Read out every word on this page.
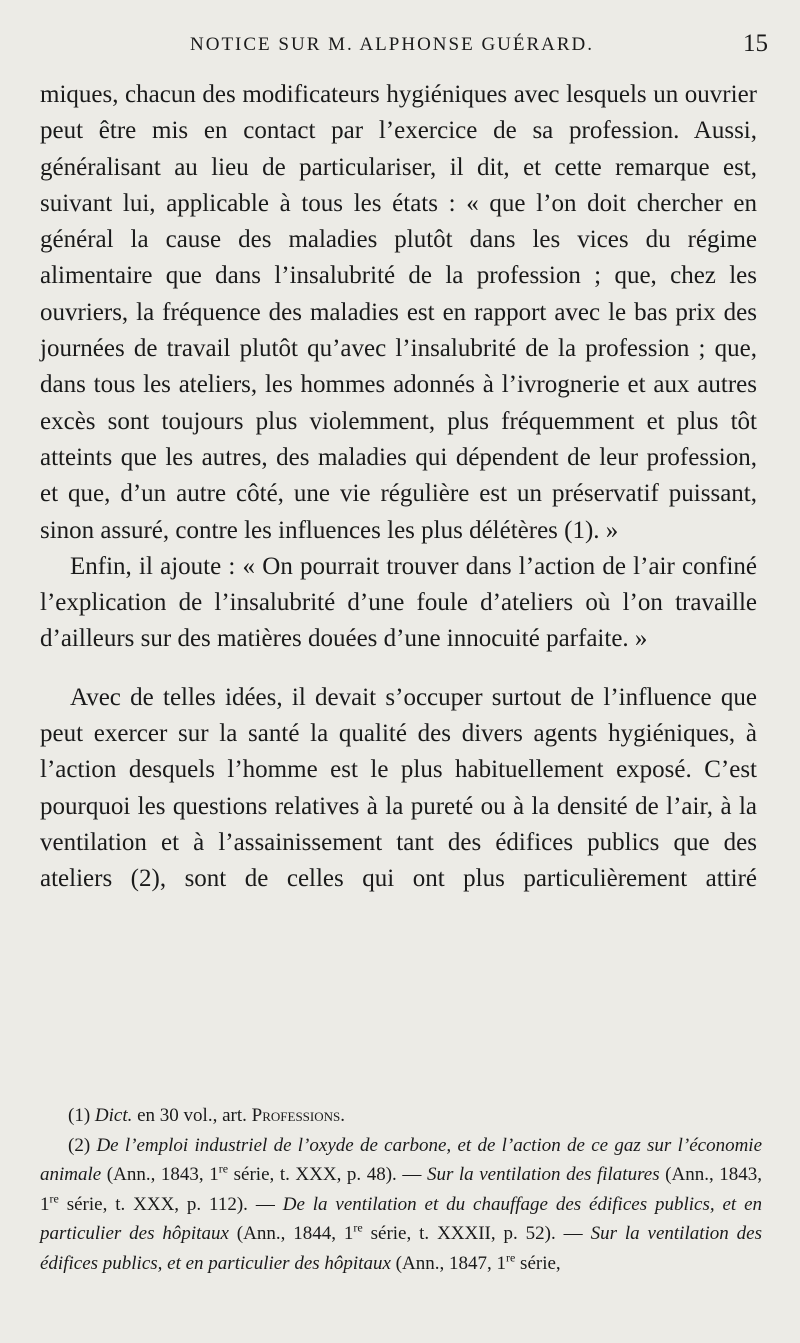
NOTICE SUR M. ALPHONSE GUÉRARD.	15

miques, chacun des modificateurs hygiéniques avec lesquels un ouvrier peut être mis en contact par l’exercice de sa profession. Aussi, généralisant au lieu de particulariser, il dit, et cette remarque est, suivant lui, applicable à tous les états : « que l’on doit chercher en général la cause des maladies plutôt dans les vices du régime alimentaire que dans l’insalubrité de la profession ; que, chez les ouvriers, la fréquence des maladies est en rapport avec le bas prix des journées de travail plutôt qu’avec l’insalubrité de la profession ; que, dans tous les ateliers, les hommes adonnés à l’ivrognerie et aux autres excès sont toujours plus violemment, plus fréquemment et plus tôt atteints que les autres, des maladies qui dépendent de leur profession, et que, d’un autre côté, une vie régulière est un préservatif puissant, sinon assuré, contre les influences les plus délétères (1). »

Enfin, il ajoute : « On pourrait trouver dans l’action de l’air confiné l’explication de l’insalubrité d’une foule d’ateliers où l’on travaille d’ailleurs sur des matières douées d’une innocuité parfaite. »

Avec de telles idées, il devait s’occuper surtout de l’influence que peut exercer sur la santé la qualité des divers agents hygiéniques, à l’action desquels l’homme est le plus habituellement exposé. C’est pourquoi les questions relatives à la pureté ou à la densité de l’air, à la ventilation et à l’assainissement tant des édifices publics que des ateliers (2), sont de celles qui ont plus particulièrement attiré

(1) Dict. en 30 vol., art. Professions.

(2) De l’emploi industriel de l’oxyde de carbone, et de l’action de ce gaz sur l’économie animale (Ann., 1843, 1re série, t. XXX, p. 48). — Sur la ventilation des filatures (Ann., 1843, 1re série, t. XXX, p. 112). — De la ventilation et du chauffage des édifices publics, et en particulier des hôpitaux (Ann., 1844, 1re série, t. XXXII, p. 52). — Sur la ventilation des édifices publics, et en particulier des hôpitaux (Ann., 1847, 1re série,
